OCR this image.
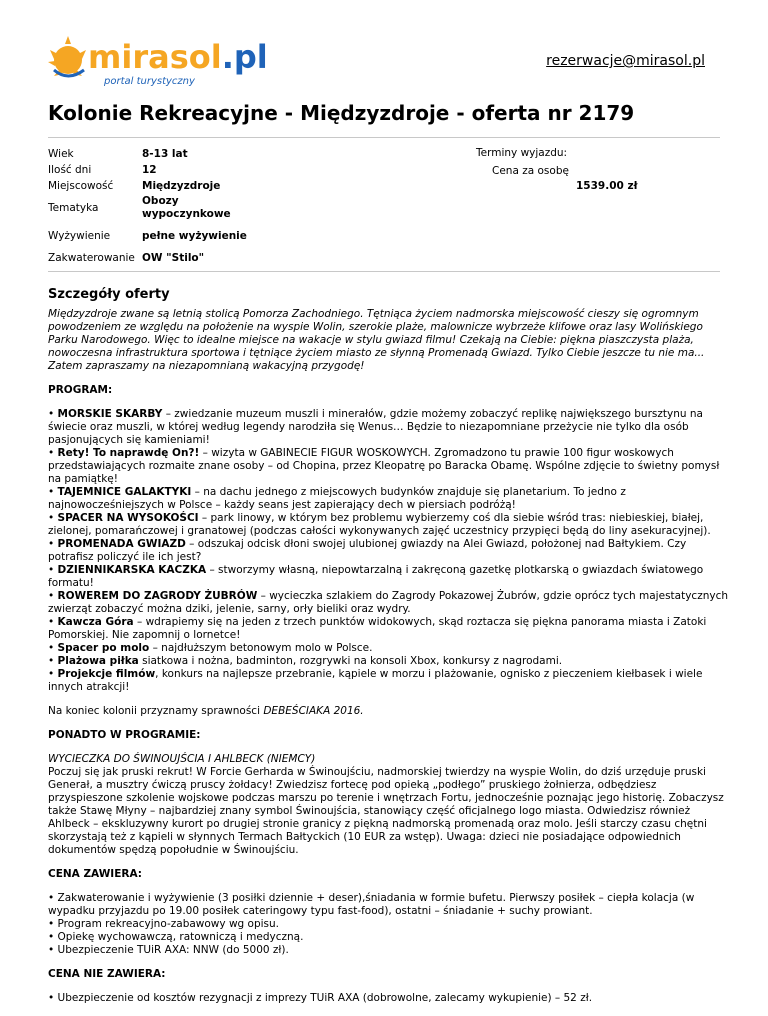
mirasol.pl
portal turystyczny
rezerwacje@mirasol.pl
Kolonie Rekreacyjne - Międzyzdroje - oferta nr 2179
Wiek	8-13 lat
Ilość dni	12
Miejscowość	Międzyzdroje
Tematyka	Obozy wypoczynkowe
Wyżywienie	pełne wyżywienie
Zakwaterowanie	OW "Stilo"
Terminy wyjazdu:
Cena za osobę
1539.00 zł
Szczegóły oferty

Międzyzdroje zwane są letnią stolicą Pomorza Zachodniego. Tętniąca życiem nadmorska miejscowość cieszy się ogromnym powodzeniem ze względu na położenie na wyspie Wolin, szerokie plaże, malownicze wybrzeże klifowe oraz lasy Wolińskiego Parku Narodowego. Więc to idealne miejsce na wakacje w stylu gwiazd filmu! Czekają na Ciebie: piękna piaszczysta plaża, nowoczesna infrastruktura sportowa i tętniące życiem miasto ze słynną Promenadą Gwiazd. Tylko Ciebie jeszcze tu nie ma... Zatem zapraszamy na niezapomnianą wakacyjną przygodę!

PROGRAM:

• MORSKIE SKARBY – zwiedzanie muzeum muszli i minerałów, gdzie możemy zobaczyć replikę największego bursztynu na świecie oraz muszli, w której według legendy narodziła się Wenus… Będzie to niezapomniane przeżycie nie tylko dla osób pasjonujących się kamieniami!
• Rety! To naprawdę On?! – wizyta w GABINECIE FIGUR WOSKOWYCH. Zgromadzono tu prawie 100 figur woskowych przedstawiających rozmaite znane osoby – od Chopina, przez Kleopatrę po Baracka Obamę. Wspólne zdjęcie to świetny pomysł na pamiątkę!
• TAJEMNICE GALAKTYKI – na dachu jednego z miejscowych budynków znajduje się planetarium. To jedno z najnowocześniejszych w Polsce – każdy seans jest zapierający dech w piersiach podróżą!
• SPACER NA WYSOKOŚCI – park linowy, w którym bez problemu wybierzemy coś dla siebie wśród tras: niebieskiej, białej, zielonej, pomarańczowej i granatowej (podczas całości wykonywanych zajęć uczestnicy przypięci będą do liny asekuracyjnej).
• PROMENADA GWIAZD – odszukaj odcisk dłoni swojej ulubionej gwiazdy na Alei Gwiazd, położonej nad Bałtykiem. Czy potrafisz policzyć ile ich jest?
• DZIENNIKARSKA KACZKA – stworzymy własną, niepowtarzalną i zakręconą gazetkę plotkarską o gwiazdach światowego formatu!
• ROWEREM DO ZAGRODY ŻUBRÓW – wycieczka szlakiem do Zagrody Pokazowej Żubrów, gdzie oprócz tych majestatycznych zwierząt zobaczyć można dziki, jelenie, sarny, orły bieliki oraz wydry.
• Kawcza Góra – wdrapiemy się na jeden z trzech punktów widokowych, skąd roztacza się piękna panorama miasta i Zatoki Pomorskiej. Nie zapomnij o lornetce!
• Spacer po molo – najdłuższym betonowym molo w Polsce.
• Plażowa piłka siatkowa i nożna, badminton, rozgrywki na konsoli Xbox, konkursy z nagrodami.
• Projekcje filmów, konkurs na najlepsze przebranie, kąpiele w morzu i plażowanie, ognisko z pieczeniem kiełbasek i wiele innych atrakcji!

Na koniec kolonii przyznamy sprawności DEBEŚCIAKA 2016.

PONADTO W PROGRAMIE:

WYCIECZKA DO ŚWINOUJŚCIA I AHLBECK (NIEMCY)
Poczuj się jak pruski rekrut! W Forcie Gerharda w Świnoujściu, nadmorskiej twierdzy na wyspie Wolin, do dziś urzęduje pruski Generał, a musztry ćwiczą pruscy żołdacy! Zwiedzisz fortecę pod opieką „podłego” pruskiego żołnierza, odbędziesz przyspieszone szkolenie wojskowe podczas marszu po terenie i wnętrzach Fortu, jednocześnie poznając jego historię. Zobaczysz także Stawę Młyny – najbardziej znany symbol Świnoujścia, stanowiący część oficjalnego logo miasta. Odwiedzisz również Ahlbeck – ekskluzywny kurort po drugiej stronie granicy z piękną nadmorską promenadą oraz molo. Jeśli starczy czasu chętni skorzystają też z kąpieli w słynnych Termach Bałtyckich (10 EUR za wstęp). Uwaga: dzieci nie posiadające odpowiednich dokumentów spędzą popołudnie w Świnoujściu.

CENA ZAWIERA:

• Zakwaterowanie i wyżywienie (3 posiłki dziennie + deser),śniadania w formie bufetu. Pierwszy posiłek – ciepła kolacja (w wypadku przyjazdu po 19.00 posiłek cateringowy typu fast-food), ostatni – śniadanie + suchy prowiant.
• Program rekreacyjno-zabawowy wg opisu.
• Opiekę wychowawczą, ratowniczą i medyczną.
• Ubezpieczenie TUiR AXA: NNW (do 5000 zł).

CENA NIE ZAWIERA:

• Ubezpieczenie od kosztów rezygnacji z imprezy TUiR AXA (dobrowolne, zalecamy wykupienie) – 52 zł.
